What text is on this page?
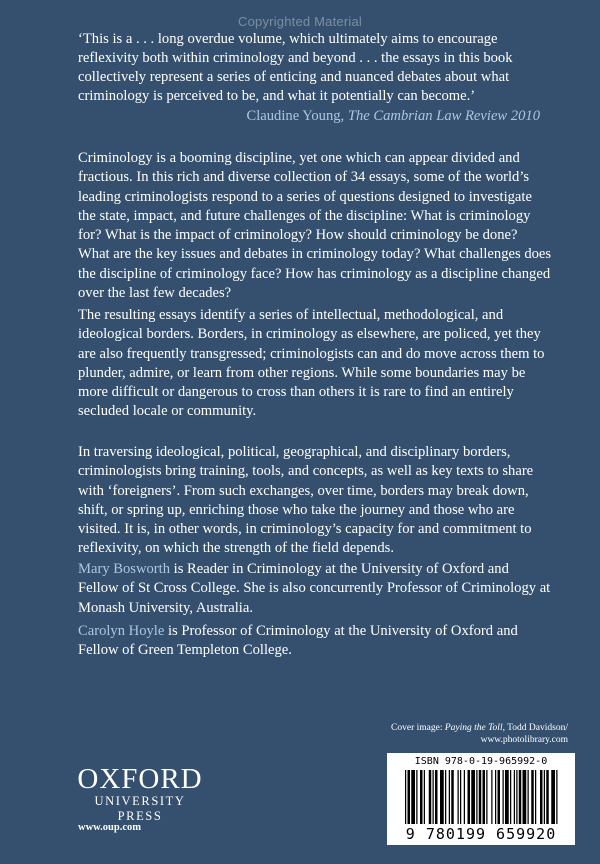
Copyrighted Material
‘This is a . . . long overdue volume, which ultimately aims to encourage reflexivity both within criminology and beyond . . . the essays in this book collectively represent a series of enticing and nuanced debates about what criminology is perceived to be, and what it potentially can become.’
Claudine Young, The Cambrian Law Review 2010
Criminology is a booming discipline, yet one which can appear divided and fractious. In this rich and diverse collection of 34 essays, some of the world’s leading criminologists respond to a series of questions designed to investigate the state, impact, and future challenges of the discipline: What is criminology for? What is the impact of criminology? How should criminology be done? What are the key issues and debates in criminology today? What challenges does the discipline of criminology face? How has criminology as a discipline changed over the last few decades?
The resulting essays identify a series of intellectual, methodological, and ideological borders. Borders, in criminology as elsewhere, are policed, yet they are also frequently transgressed; criminologists can and do move across them to plunder, admire, or learn from other regions. While some boundaries may be more difficult or dangerous to cross than others it is rare to find an entirely secluded locale or community.
In traversing ideological, political, geographical, and disciplinary borders, criminologists bring training, tools, and concepts, as well as key texts to share with ‘foreigners’. From such exchanges, over time, borders may break down, shift, or spring up, enriching those who take the journey and those who are visited. It is, in other words, in criminology’s capacity for and commitment to reflexivity, on which the strength of the field depends.
Mary Bosworth is Reader in Criminology at the University of Oxford and Fellow of St Cross College. She is also concurrently Professor of Criminology at Monash University, Australia.
Carolyn Hoyle is Professor of Criminology at the University of Oxford and Fellow of Green Templeton College.
Cover image: Paying the Toll, Todd Davidson/
www.photolibrary.com
OXFORD
UNIVERSITY PRESS
www.oup.com
ISBN 978-0-19-965992-0
9 780199 659920
